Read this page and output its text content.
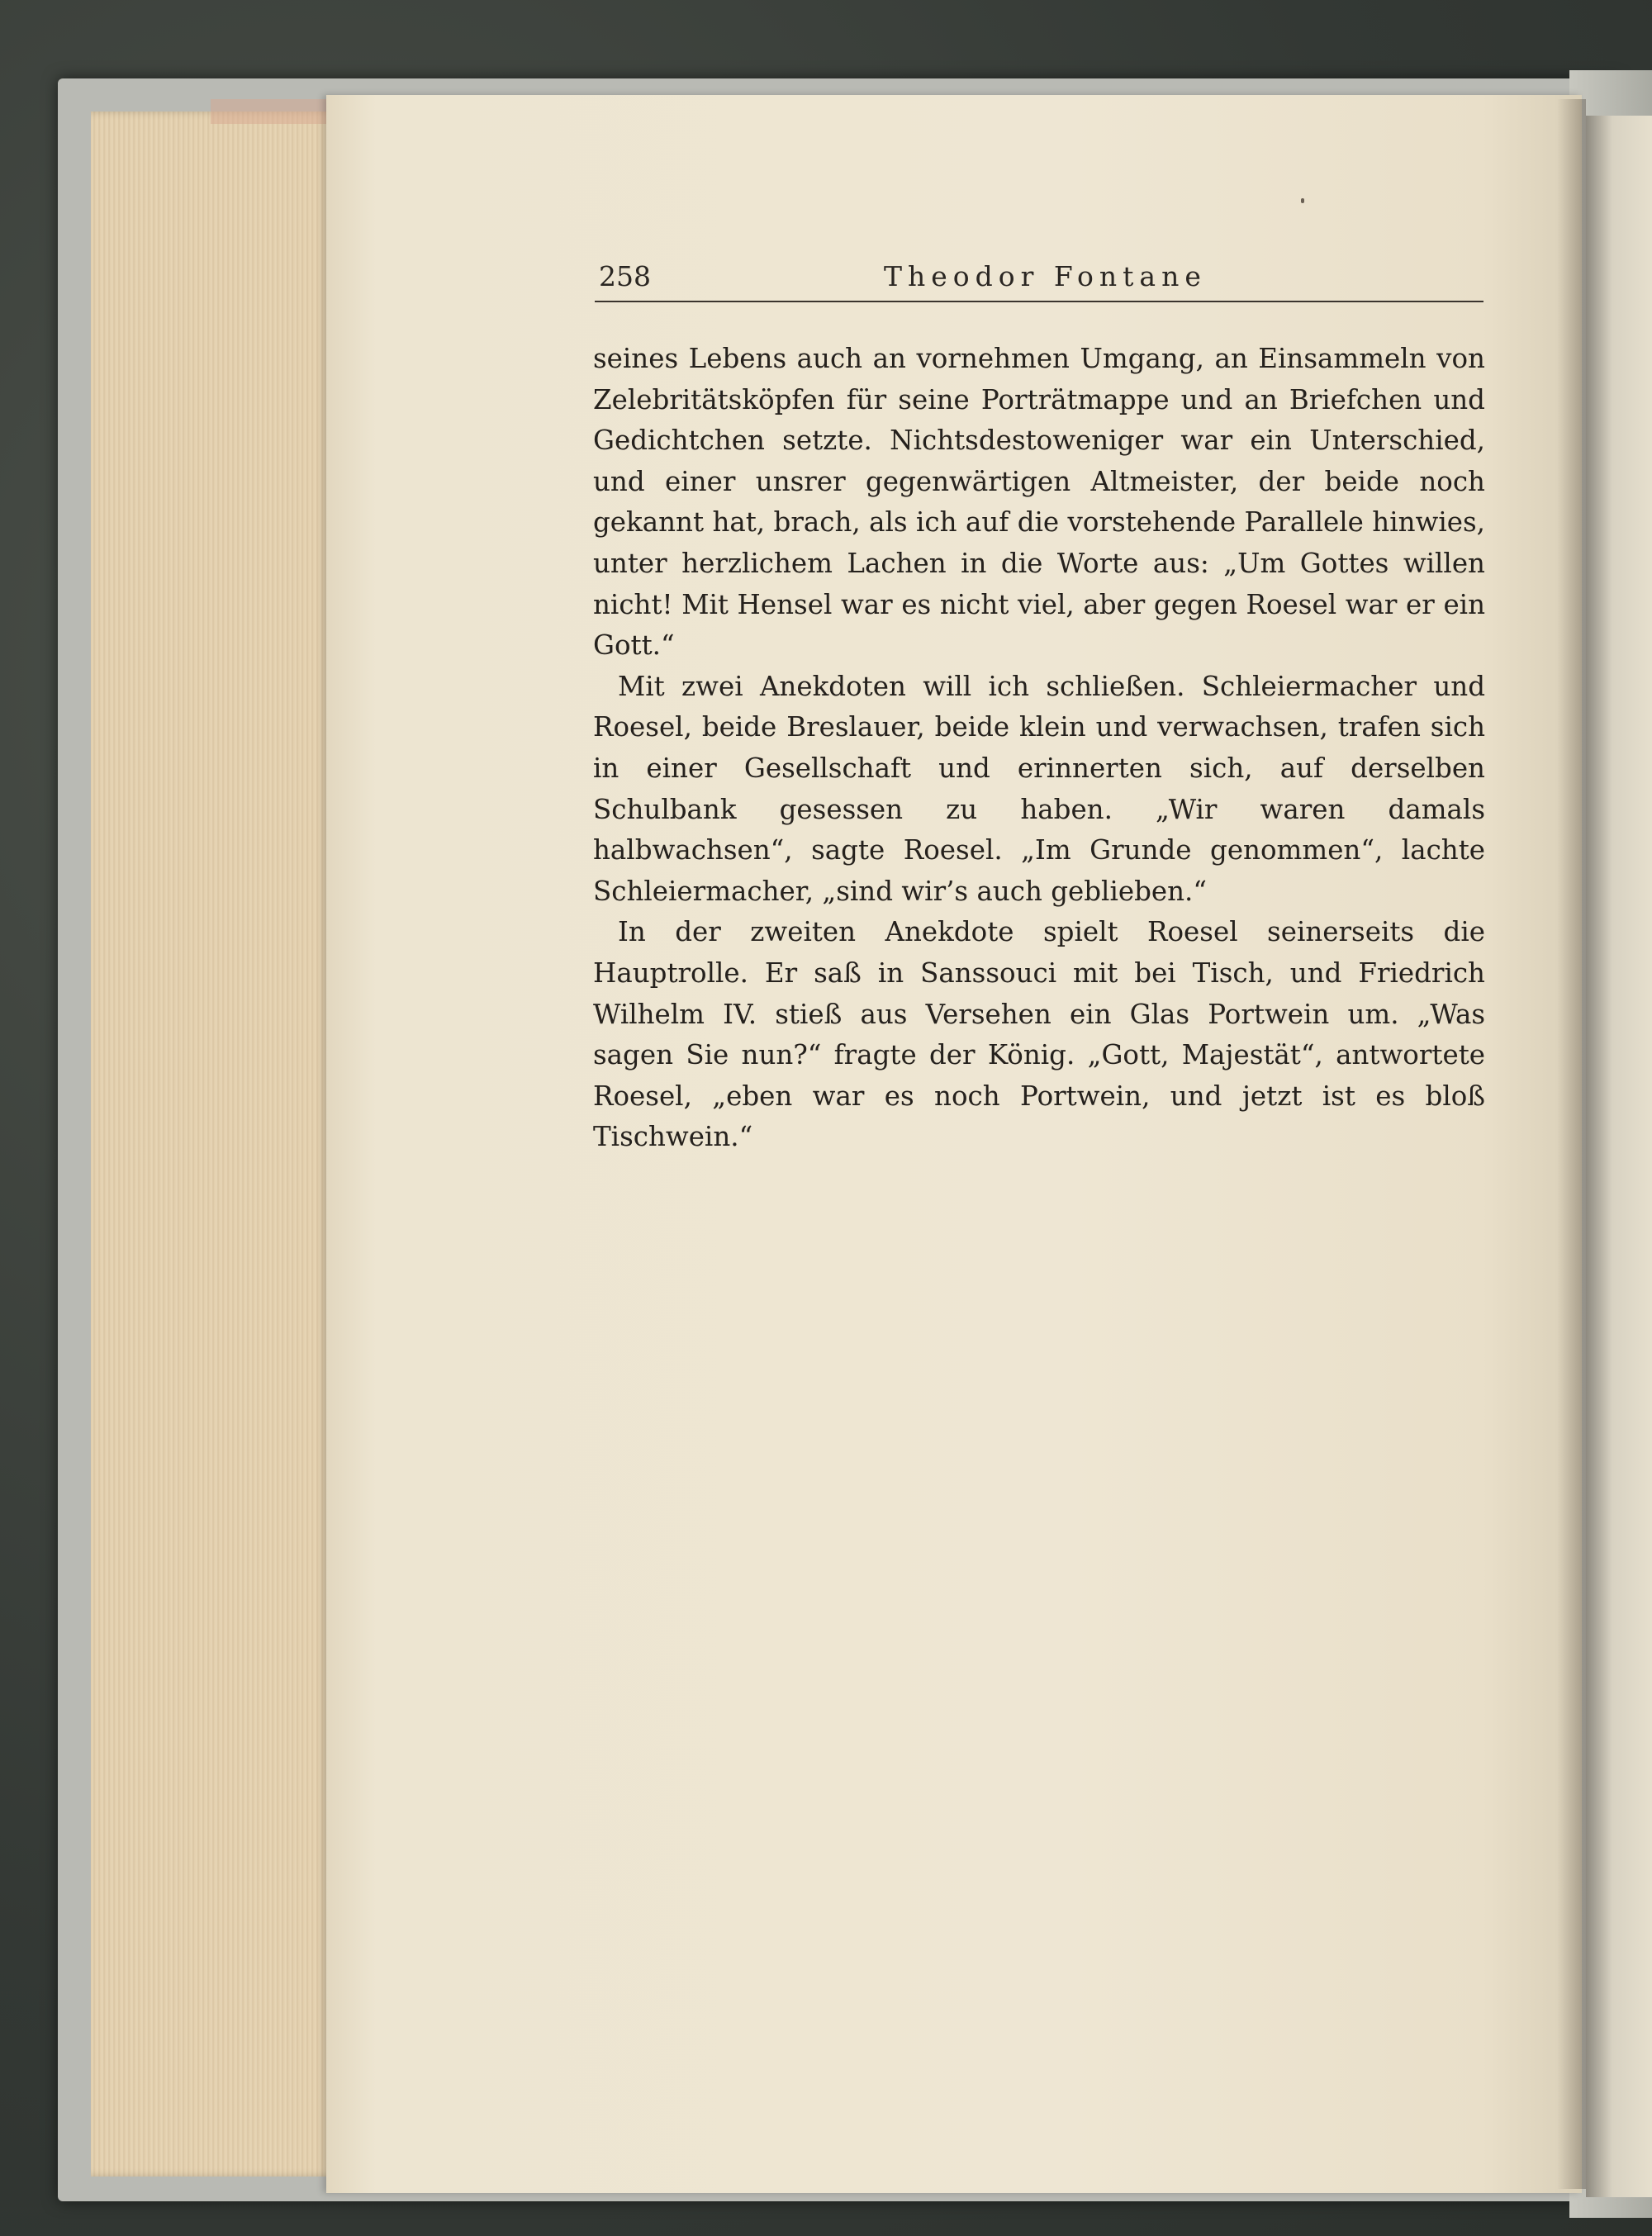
258	Theodor Fontane

seines Lebens auch an vornehmen Umgang, an Einsammeln von Zelebritätsköpfen für seine Porträtmappe und an Briefchen und Gedichtchen setzte. Nichtsdestoweniger war ein Unterschied, und einer unsrer gegenwärtigen Altmeister, der beide noch gekannt hat, brach, als ich auf die vorstehende Parallele hinwies, unter herzlichem Lachen in die Worte aus: „Um Gottes willen nicht! Mit Hensel war es nicht viel, aber gegen Roesel war er ein Gott.“

Mit zwei Anekdoten will ich schließen. Schleiermacher und Roesel, beide Breslauer, beide klein und verwachsen, trafen sich in einer Gesellschaft und erinnerten sich, auf derselben Schulbank gesessen zu haben. „Wir waren damals halbwachsen“, sagte Roesel. „Im Grunde genommen“, lachte Schleiermacher, „sind wir’s auch geblieben.“

In der zweiten Anekdote spielt Roesel seinerseits die Hauptrolle. Er saß in Sanssouci mit bei Tisch, und Friedrich Wilhelm IV. stieß aus Versehen ein Glas Portwein um. „Was sagen Sie nun?“ fragte der König. „Gott, Majestät“, antwortete Roesel, „eben war es noch Portwein, und jetzt ist es bloß Tischwein.“
